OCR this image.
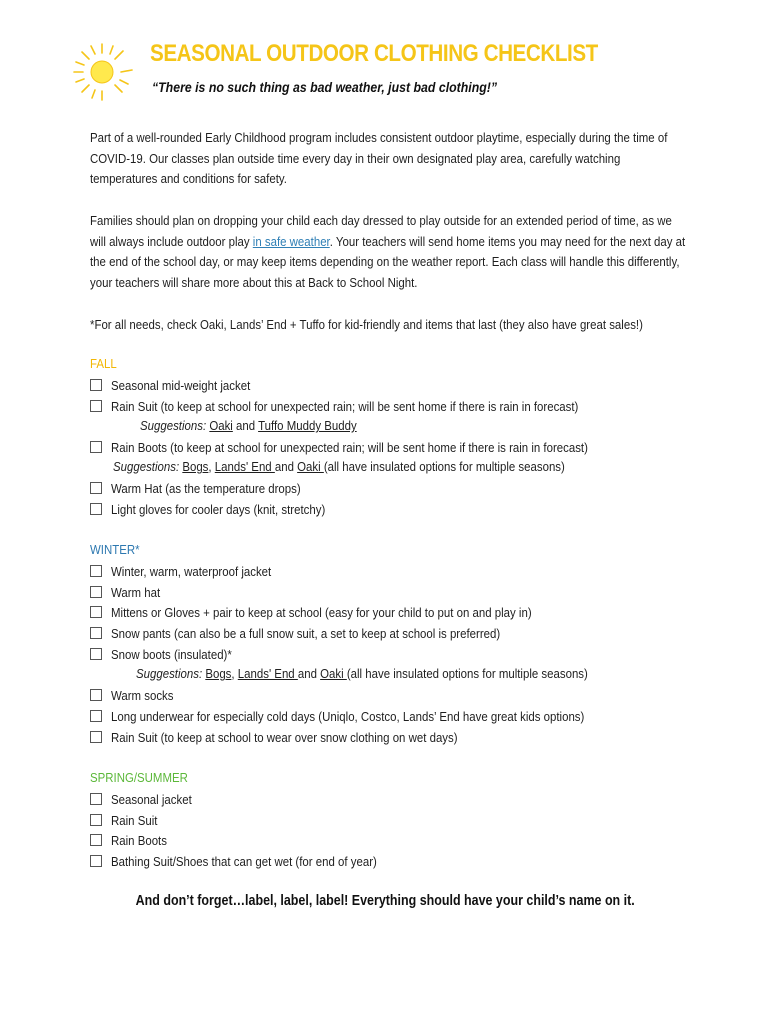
SEASONAL OUTDOOR CLOTHING CHECKLIST
“There is no such thing as bad weather, just bad clothing!”
Part of a well-rounded Early Childhood program includes consistent outdoor playtime, especially during the time of COVID-19. Our classes plan outside time every day in their own designated play area, carefully watching temperatures and conditions for safety.
Families should plan on dropping your child each day dressed to play outside for an extended period of time, as we will always include outdoor play in safe weather. Your teachers will send home items you may need for the next day at the end of the school day, or may keep items depending on the weather report. Each class will handle this differently, your teachers will share more about this at Back to School Night.
*For all needs, check Oaki, Lands’ End + Tuffo for kid-friendly and items that last (they also have great sales!)
FALL
Seasonal mid-weight jacket
Rain Suit (to keep at school for unexpected rain; will be sent home if there is rain in forecast)
Suggestions: Oaki and Tuffo Muddy Buddy
Rain Boots (to keep at school for unexpected rain; will be sent home if there is rain in forecast)
Suggestions: Bogs, Lands' End and Oaki (all have insulated options for multiple seasons)
Warm Hat (as the temperature drops)
Light gloves for cooler days (knit, stretchy)
WINTER*
Winter, warm, waterproof jacket
Warm hat
Mittens or Gloves + pair to keep at school (easy for your child to put on and play in)
Snow pants (can also be a full snow suit, a set to keep at school is preferred)
Snow boots (insulated)*
Suggestions: Bogs, Lands' End and Oaki (all have insulated options for multiple seasons)
Warm socks
Long underwear for especially cold days (Uniqlo, Costco, Lands’ End have great kids options)
Rain Suit (to keep at school to wear over snow clothing on wet days)
SPRING/SUMMER
Seasonal jacket
Rain Suit
Rain Boots
Bathing Suit/Shoes that can get wet (for end of year)
And don’t forget…label, label, label! Everything should have your child’s name on it.
